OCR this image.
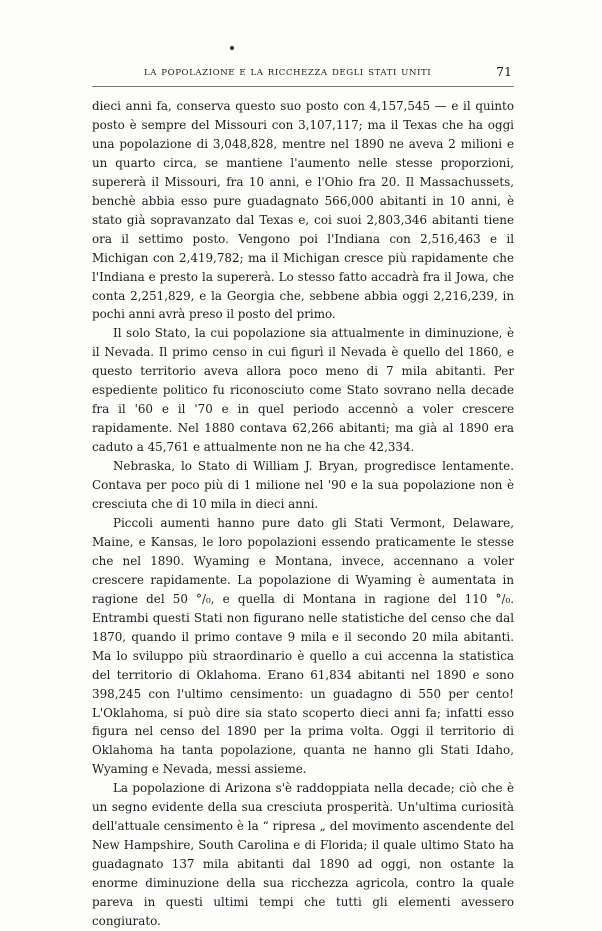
LA POPOLAZIONE E LA RICCHEZZA DEGLI STATI UNITI	71

dieci anni fa, conserva questo suo posto con 4,157,545 — e il quinto posto è sempre del Missouri con 3,107,117; ma il Texas che ha oggi una popolazione di 3,048,828, mentre nel 1890 ne aveva 2 milioni e un quarto circa, se mantiene l'aumento nelle stesse proporzioni, supererà il Missouri, fra 10 anni, e l'Ohio fra 20. Il Massachussets, benchè abbia esso pure guadagnato 566,000 abitanti in 10 anni, è stato già sopravanzato dal Texas e, coi suoi 2,803,346 abitanti tiene ora il settimo posto. Vengono poi l'Indiana con 2,516,463 e il Michigan con 2,419,782; ma il Michigan cresce più rapidamente che l'Indiana e presto la supererà. Lo stesso fatto accadrà fra il Jowa, che conta 2,251,829, e la Georgia che, sebbene abbia oggi 2,216,239, in pochi anni avrà preso il posto del primo.

Il solo Stato, la cui popolazione sia attualmente in diminuzione, è il Nevada. Il primo censo in cui figurì il Nevada è quello del 1860, e questo territorio aveva allora poco meno di 7 mila abitanti. Per espediente politico fu riconosciuto come Stato sovrano nella decade fra il '60 e il '70 e in quel periodo accennò a voler crescere rapidamente. Nel 1880 contava 62,266 abitanti; ma già al 1890 era caduto a 45,761 e attualmente non ne ha che 42,334.

Nebraska, lo Stato di William J. Bryan, progredisce lentamente. Contava per poco più di 1 milione nel '90 e la sua popolazione non è cresciuta che di 10 mila in dieci anni.

Piccoli aumenti hanno pure dato gli Stati Vermont, Delaware, Maine, e Kansas, le loro popolazioni essendo praticamente le stesse che nel 1890. Wyaming e Montana, invece, accennano a voler crescere rapidamente. La popolazione di Wyaming è aumentata in ragione del 50 °/₀, e quella di Montana in ragione del 110 °/₀. Entrambi questi Stati non figurano nelle statistiche del censo che dal 1870, quando il primo contave 9 mila e il secondo 20 mila abitanti. Ma lo sviluppo più straordinario è quello a cui accenna la statistica del territorio di Oklahoma. Erano 61,834 abitanti nel 1890 e sono 398,245 con l'ultimo censimento: un guadagno di 550 per cento! L'Oklahoma, si può dire sia stato scoperto dieci anni fa; infatti esso figura nel censo del 1890 per la prima volta. Oggi il territorio di Oklahoma ha tanta popolazione, quanta ne hanno gli Stati Idaho, Wyaming e Nevada, messi assieme.

La popolazione di Arizona s'è raddoppiata nella decade; ciò che è un segno evidente della sua cresciuta prosperità. Un'ultima curiosità dell'attuale censimento è la “ ripresa „ del movimento ascendente del New Hampshire, South Carolina e di Florida; il quale ultimo Stato ha guadagnato 137 mila abitanti dal 1890 ad oggi, non ostante la enorme diminuzione della sua ricchezza agricola, contro la quale pareva in questi ultimi tempi che tutti gli elementi avessero congiurato.
